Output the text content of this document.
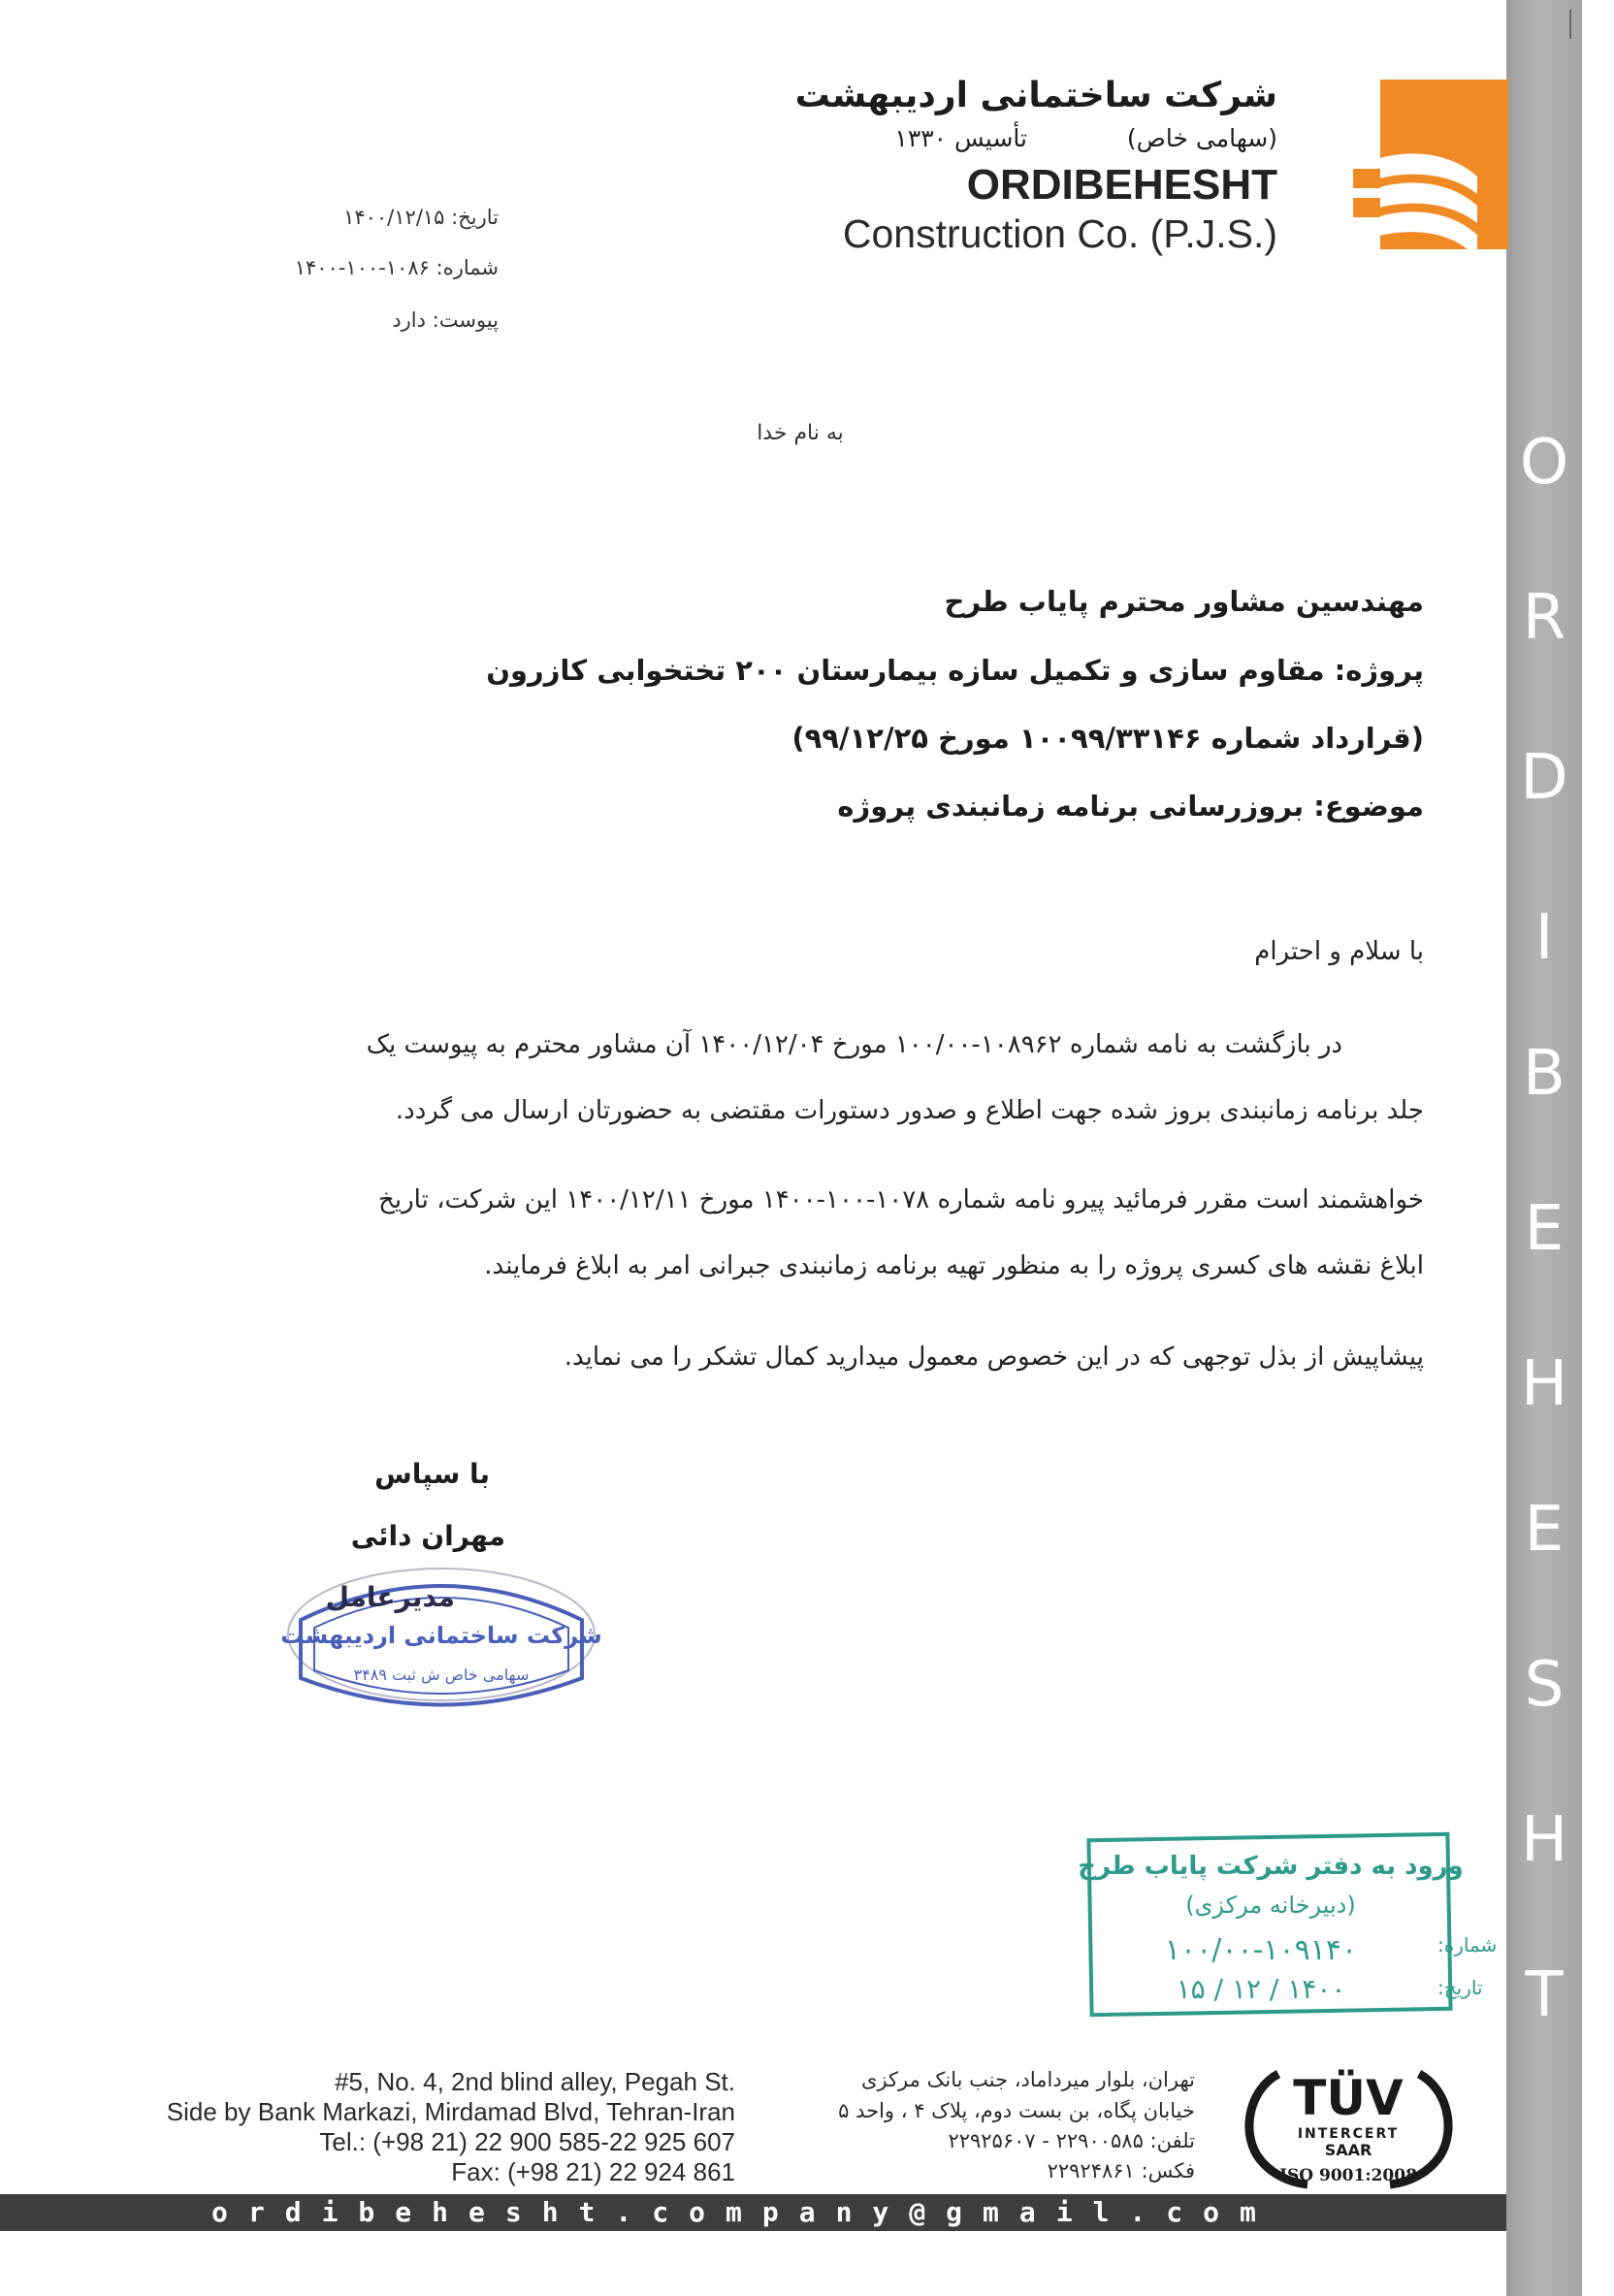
O
R
D
I
B
E
H
E
S
H
T
شرکت ساختمانی اردیبهشت
(سهامی خاص)
تأسیس ۱۳۳۰
ORDIBEHESHT
Construction Co. (P.J.S.)
تاریخ: ۱۴۰۰/۱۲/۱۵
شماره: ۱۰۸۶-۱۰۰-۱۴۰۰
پیوست: دارد
به نام خدا
مهندسین مشاور محترم پایاب طرح
پروژه: مقاوم سازی و تکمیل سازه بیمارستان ۲۰۰ تختخوابی کازرون
(قرارداد شماره ۱۰۰۹۹/۳۳۱۴۶ مورخ ۹۹/۱۲/۲۵)
موضوع: بروزرسانی برنامه زمانبندی پروژه
با سلام و احترام
در بازگشت به نامه شماره ۱۰۸۹۶۲-۱۰۰/۰۰ مورخ ۱۴۰۰/۱۲/۰۴ آن مشاور محترم به پیوست یک
جلد برنامه زمانبندی بروز شده جهت اطلاع و صدور دستورات مقتضی به حضورتان ارسال می گردد.
خواهشمند است مقرر فرمائید پیرو نامه شماره ۱۰۷۸-۱۰۰-۱۴۰۰ مورخ ۱۴۰۰/۱۲/۱۱ این شرکت، تاریخ
ابلاغ نقشه های کسری پروژه را به منظور تهیه برنامه زمانبندی جبرانی امر به ابلاغ فرمایند.
پیشاپیش از بذل توجهی که در این خصوص معمول میدارید کمال تشکر را می نماید.
شرکت ساختمانی اردیبهشت
سهامی خاص ش ثبت ۳۴۸۹
با سپاس
مهران دائی
مدیرعامل
ورود به دفتر شرکت پایاب طرح
(دبیرخانه مرکزی)
شماره:
۱۰۰/۰۰-۱۰۹۱۴۰
تاریخ:
۱۴۰۰ / ۱۲ / ۱۵
TÜV
INTERCERT
SAAR
ISO 9001:2008
تهران، بلوار میرداماد، جنب بانک مرکزی
خیابان پگاه، بن بست دوم، پلاک ۴ ، واحد ۵
تلفن: ۲۲۹۰۰۵۸۵ - ۲۲۹۲۵۶۰۷
فکس: ۲۲۹۲۴۸۶۱
#5, No. 4, 2nd blind alley, Pegah St.
Side by Bank Markazi, Mirdamad Blvd, Tehran-Iran
Tel.: (+98 21) 22 900 585-22 925 607
Fax: (+98 21) 22 924 861
ordibehesht.company@gmail.com
